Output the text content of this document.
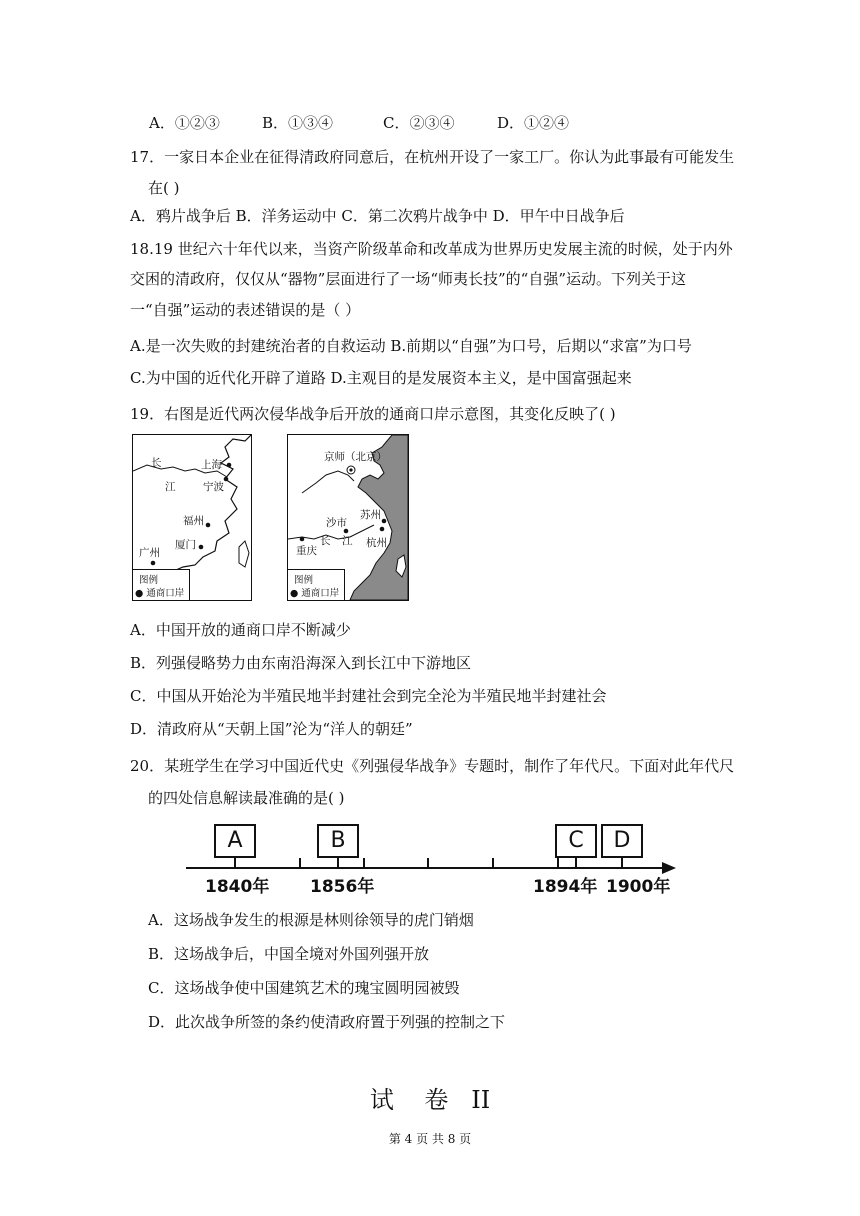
A．①②③	B．①③④	C．②③④	D．①②④
17．一家日本企业在征得清政府同意后，在杭州开设了一家工厂。你认为此事最有可能发生
在( )
A．鸦片战争后 B．洋务运动中 C．第二次鸦片战争中 D．甲午中日战争后
18.19 世纪六十年代以来，当资产阶级革命和改革成为世界历史发展主流的时候，处于内外
交困的清政府，仅仅从“器物”层面进行了一场“师夷长技”的“自强”运动。下列关于这
一“自强”运动的表述错误的是（ ）
A.是一次失败的封建统治者的自救运动 B.前期以“自强”为口号，后期以“求富”为口号
C.为中国的近代化开辟了道路 D.主观目的是发展资本主义，是中国富强起来
19．右图是近代两次侵华战争后开放的通商口岸示意图，其变化反映了( )
长
江
上海
宁波
福州
厦门
广州
图例
● 通商口岸
京师（北京）
沙市
苏州
长 江 杭州
重庆
图例
● 通商口岸
A．中国开放的通商口岸不断减少
B．列强侵略势力由东南沿海深入到长江中下游地区
C．中国从开始沦为半殖民地半封建社会到完全沦为半殖民地半封建社会
D．清政府从“天朝上国”沦为“洋人的朝廷”
20．某班学生在学习中国近代史《列强侵华战争》专题时，制作了年代尺。下面对此年代尺
的四处信息解读最准确的是( )
A	B	C	D
1840年 1856年	1894年 1900年
A．这场战争发生的根源是林则徐领导的虎门销烟
B．这场战争后，中国全境对外国列强开放
C．这场战争使中国建筑艺术的瑰宝圆明园被毁
D．此次战争所签的条约使清政府置于列强的控制之下
试    卷   II
第 4 页 共 8 页
